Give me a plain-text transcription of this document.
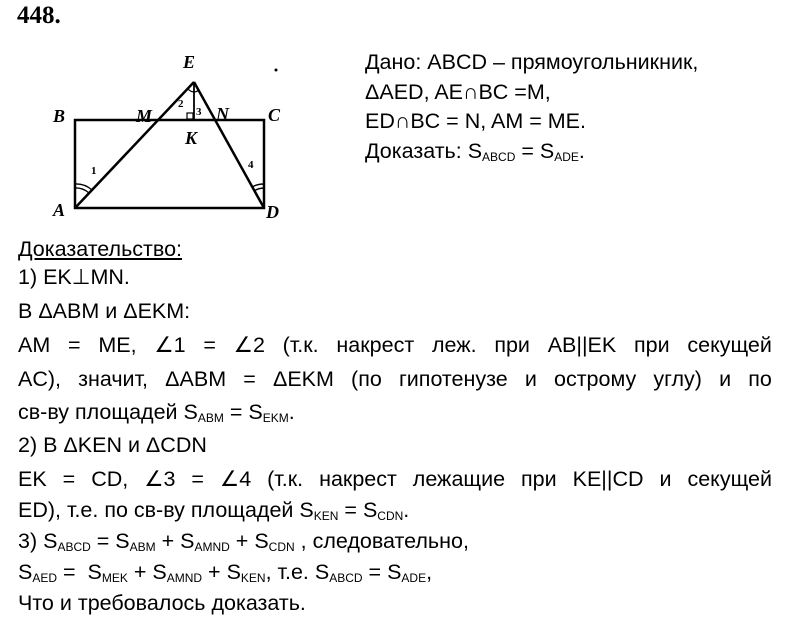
448.
E
B	M	N C
K
A	D
1
2
3
4
Дано: ABCD – прямоугольникник,
ΔAED, AE∩BC =M,
ED∩BC = N, AM = ME.
Доказать: $S_{ABCD} = S_{ADE}$.
Доказательство:
1) EK⊥MN.
В ΔABM и ΔEKM:
AM = ME, ∠1 = ∠2 (т.к. накрест леж. при AB||EK при секущей
AC), значит, ΔABM = ΔEKM (по гипотенузе и острому углу) и по
св-ву площадей $S_{ABM} = S_{EKM}$.
2) В ΔKEN и ΔCDN
EK = CD, ∠3 = ∠4 (т.к. накрест лежащие при KE||CD и секущей
ED), т.е. по св-ву площадей $S_{KEN} = S_{CDN}$.
3) $S_{ABCD} = S_{ABM} + S_{AMND} + S_{CDN}$ , следовательно,
$S_{AED} = S_{MEK} + S_{AMND} + S_{KEN}$, т.е. $S_{ABCD} = S_{ADE}$,
Что и требовалось доказать.
